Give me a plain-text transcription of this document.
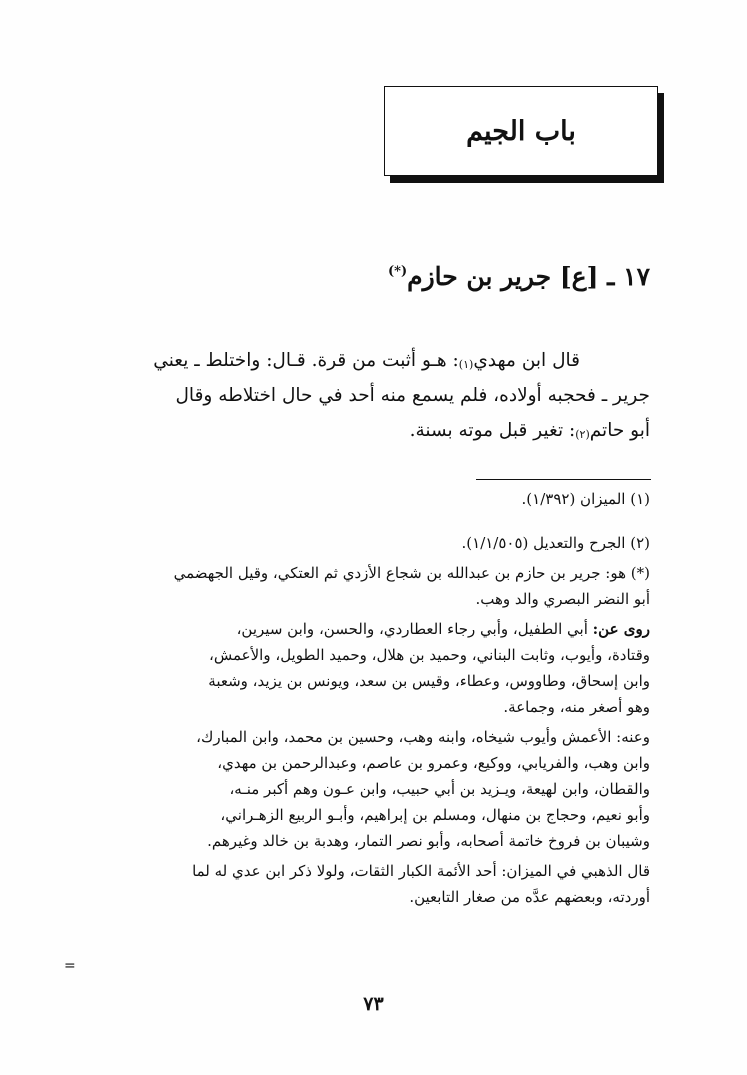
باب الجيم
١٧ ـ [ع] جرير بن حازم(*)
قال ابن مهدي$^{(١)}$: هـو أثبت من قرة. قـال: واختلط ـ يعني
جرير ـ فحجبه أولاده، فلم يسمع منه أحد في حال اختلاطه وقال
أبو حاتم$^{(٢)}$: تغير قبل موته بسنة.
(١) الميزان (١/٣٩٢).
(٢) الجرح والتعديل (١/١/٥٠٥).
(*) هو: جرير بن حازم بن عبدالله بن شجاع الأزدي ثم العتكي، وقيل الجهضمي
أبو النضر البصري والد وهب.
روى عن: أبي الطفيل، وأبي رجاء العطاردي، والحسن، وابن سيرين،
وقتادة، وأيوب، وثابت البناني، وحميد بن هلال، وحميد الطويل، والأعمش،
وابن إسحاق، وطاووس، وعطاء، وقيس بن سعد، ويونس بن يزيد، وشعبة
وهو أصغر منه، وجماعة.
وعنه: الأعمش وأيوب شيخاه، وابنه وهب، وحسين بن محمد، وابن المبارك،
وابن وهب، والفريابي، ووكيع، وعمرو بن عاصم، وعبدالرحمن بن مهدي،
والقطان، وابن لهيعة، ويـزيد بن أبي حبيب، وابن عـون وهم أكبر منـه،
وأبو نعيم، وحجاج بن منهال، ومسلم بن إبراهيم، وأبـو الربيع الزهـراني،
وشيبان بن فروخ خاتمة أصحابه، وأبو نصر التمار، وهدبة بن خالد وغيرهم.
قال الذهبي في الميزان: أحد الأئمة الكبار الثقات، ولولا ذكر ابن عدي له لما
أوردته، وبعضهم عدَّه من صغار التابعين.
=
٧٣
